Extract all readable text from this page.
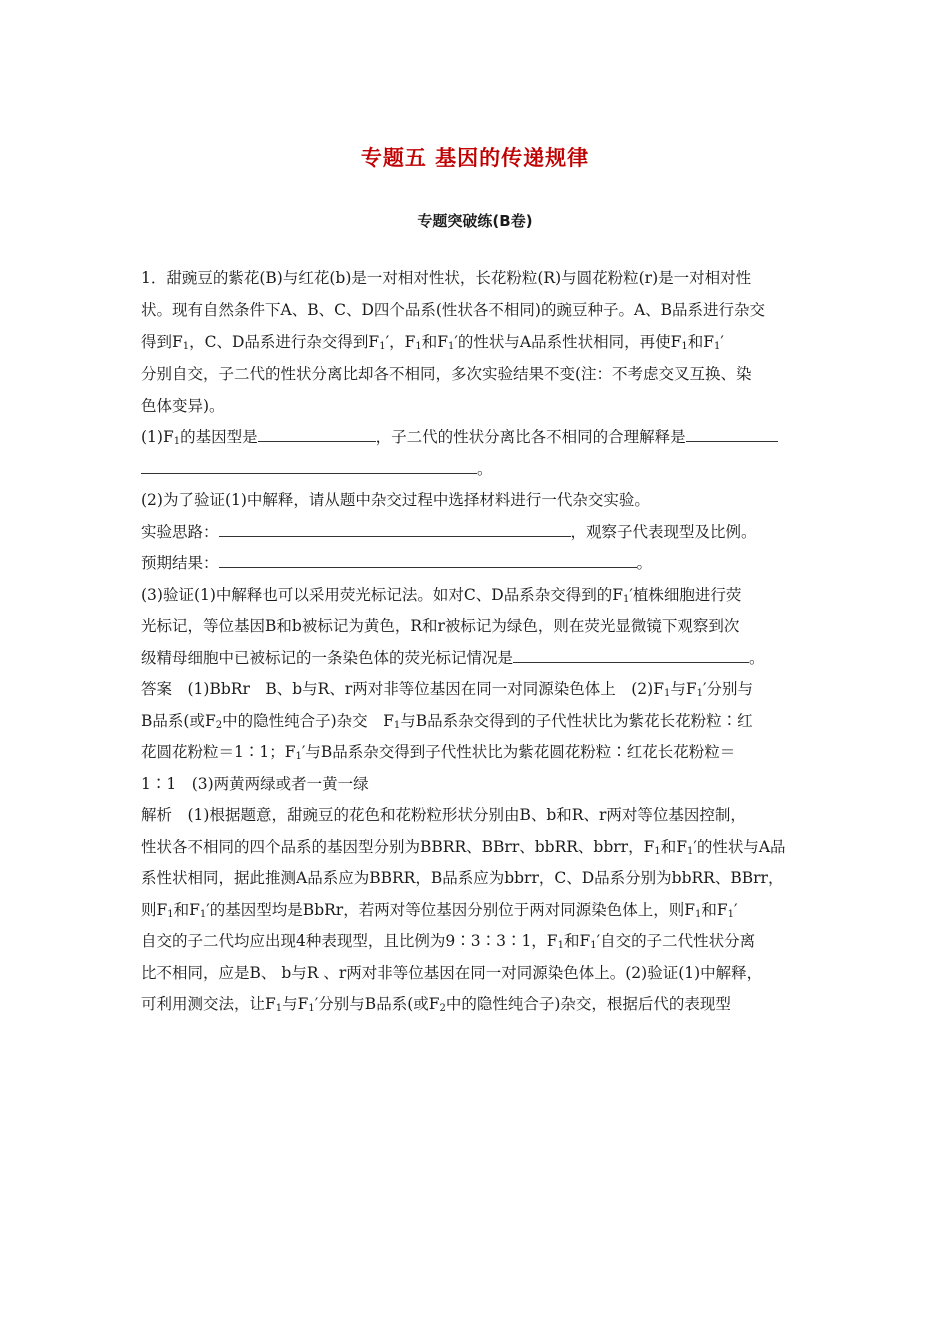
专题五 基因的传递规律
专题突破练(B卷)
1．甜豌豆的紫花(B)与红花(b)是一对相对性状，长花粉粒(R)与圆花粉粒(r)是一对相对性
状。现有自然条件下A、B、C、D四个品系(性状各不相同)的豌豆种子。A、B品系进行杂交
得到$F_1$，C、D品系进行杂交得到$F_1'$，$F_1$和$F_1'$的性状与A品系性状相同，再使$F_1$和$F_1'$
分别自交，子二代的性状分离比却各不相同，多次实验结果不变(注：不考虑交叉互换、染
色体变异)。
$(1)F_1$的基因型是	，子二代的性状分离比各不相同的合理解释是
。
(2)为了验证(1)中解释，请从题中杂交过程中选择材料进行一代杂交实验。
实验思路：	，观察子代表现型及比例。
预期结果：	。
(3)验证(1)中解释也可以采用荧光标记法。如对C、D品系杂交得到的$F_1'$植株细胞进行荧
光标记，等位基因B和b被标记为黄色，R和r被标记为绿色，则在荧光显微镜下观察到次
级精母细胞中已被标记的一条染色体的荧光标记情况是	。
答案　(1)BbRr　B、b与R、r两对非等位基因在同一对同源染色体上　$(2)F_1$与$F_1'$分别与
B品系(或$F_2$中的隐性纯合子)杂交　$F_1$与B品系杂交得到的子代性状比为紫花长花粉粒∶红
花圆花粉粒＝1∶1；$F_1'$与B品系杂交得到子代性状比为紫花圆花粉粒∶红花长花粉粒＝
1∶1　(3)两黄两绿或者一黄一绿
解析　(1)根据题意，甜豌豆的花色和花粉粒形状分别由B、b和R、r两对等位基因控制，
性状各不相同的四个品系的基因型分别为BBRR、BBrr、bbRR、bbrr，$F_1$和$F_1'$的性状与A品
系性状相同，据此推测A品系应为BBRR，B品系应为bbrr，C、D品系分别为bbRR、BBrr，
则$F_1$和$F_1'$的基因型均是BbRr，若两对等位基因分别位于两对同源染色体上，则$F_1$和$F_1'$
自交的子二代均应出现4种表现型，且比例为9∶3∶3∶1，$F_1$和$F_1'$自交的子二代性状分离
比不相同，应是B、 b与R 、r两对非等位基因在同一对同源染色体上。(2)验证(1)中解释，
可利用测交法，让$F_1$与$F_1'$分别与B品系(或$F_2$中的隐性纯合子)杂交，根据后代的表现型
